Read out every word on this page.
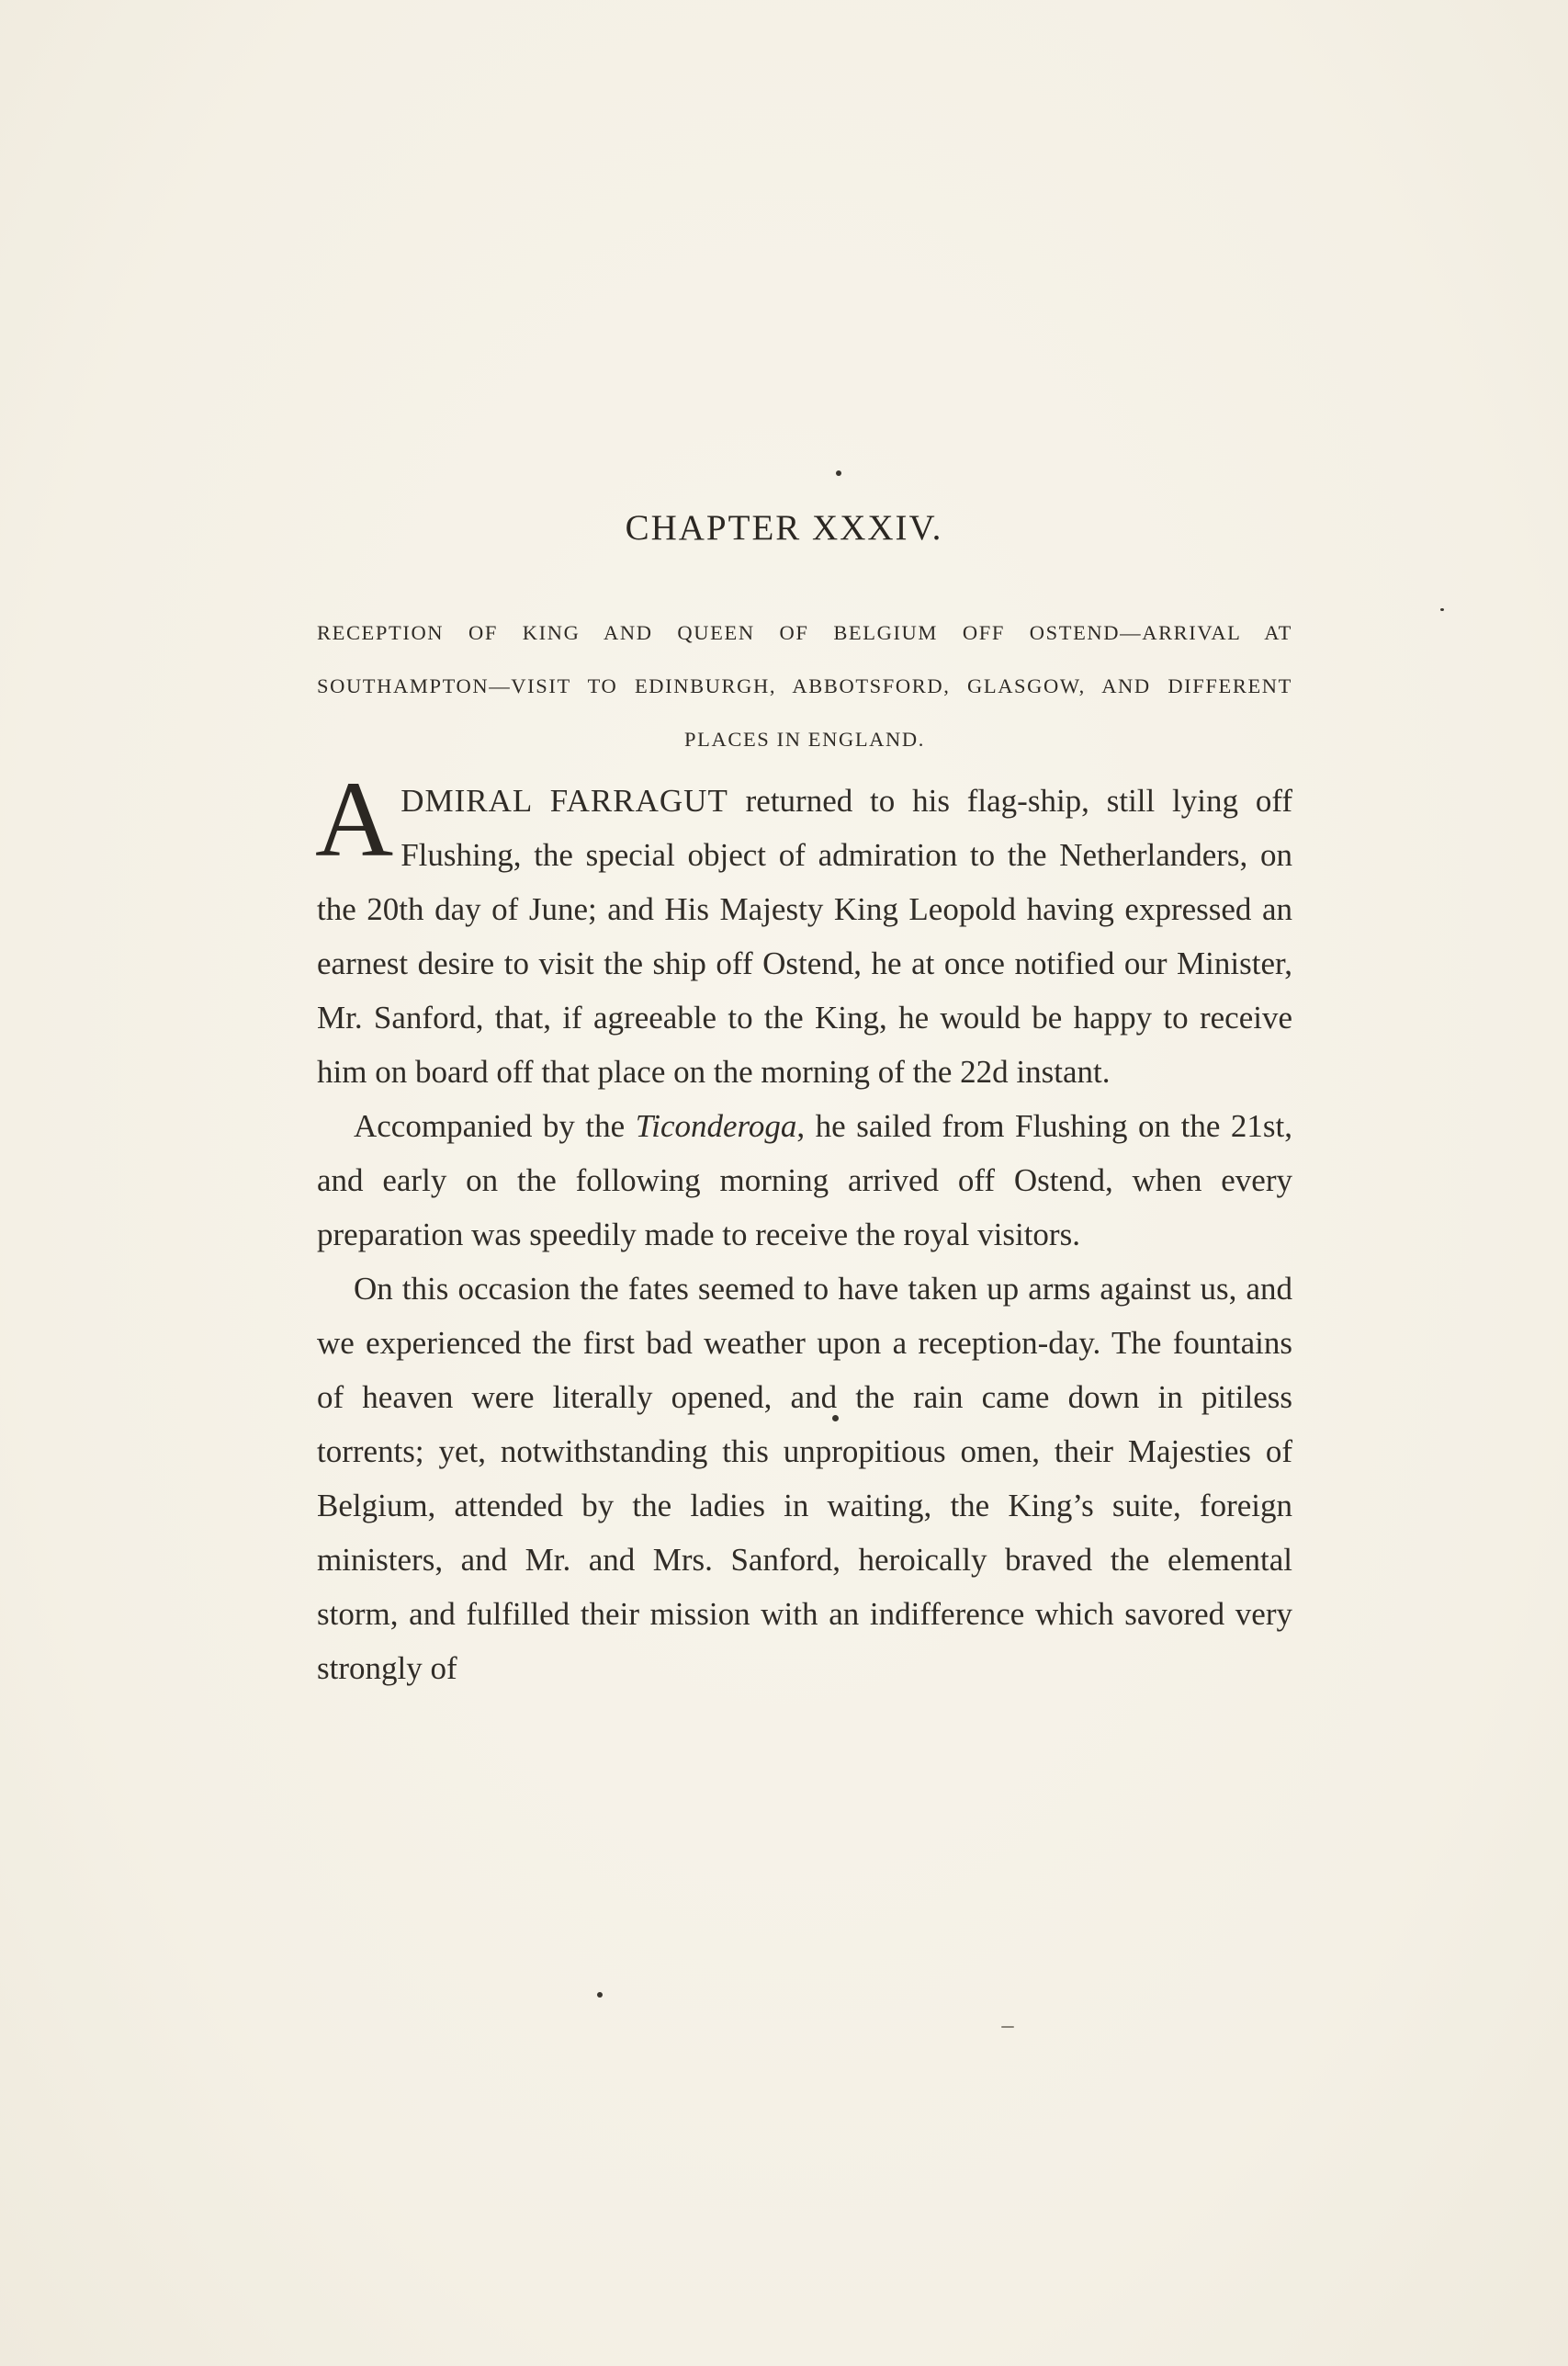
CHAPTER XXXIV.
RECEPTION OF KING AND QUEEN OF BELGIUM OFF OSTEND—ARRIVAL AT SOUTHAMPTON—VISIT TO EDINBURGH, ABBOTSFORD, GLASGOW, AND DIFFERENT PLACES IN ENGLAND.

ADMIRAL FARRAGUT returned to his flag-ship, still lying off Flushing, the special object of admiration to the Netherlanders, on the 20th day of June; and His Majesty King Leopold having expressed an earnest desire to visit the ship off Ostend, he at once notified our Minister, Mr. Sanford, that, if agreeable to the King, he would be happy to receive him on board off that place on the morning of the 22d instant.

Accompanied by the Ticonderoga, he sailed from Flushing on the 21st, and early on the following morning arrived off Ostend, when every preparation was speedily made to receive the royal visitors.

On this occasion the fates seemed to have taken up arms against us, and we experienced the first bad weather upon a reception-day. The fountains of heaven were literally opened, and the rain came down in pitiless torrents; yet, notwithstanding this unpropitious omen, their Majesties of Belgium, attended by the ladies in waiting, the King’s suite, foreign ministers, and Mr. and Mrs. Sanford, heroically braved the elemental storm, and fulfilled their mission with an indifference which savored very strongly of
